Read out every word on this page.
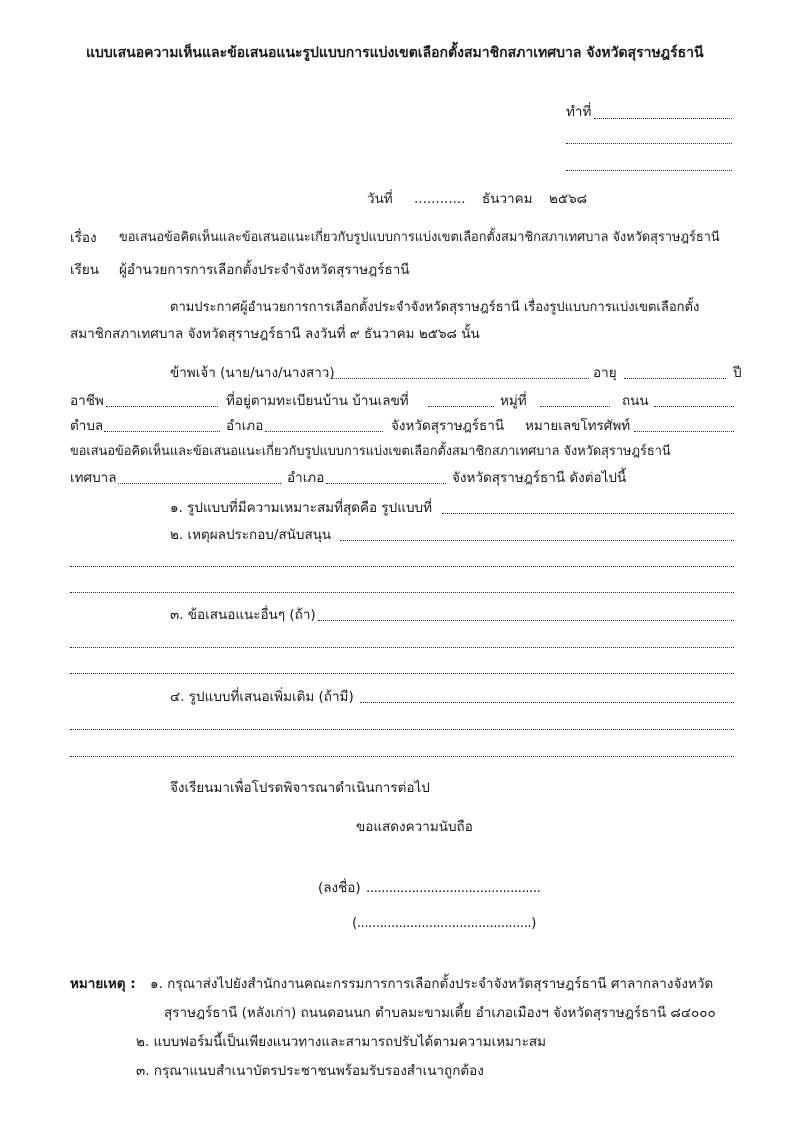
แบบเสนอความเห็นและข้อเสนอแนะรูปแบบการแบ่งเขตเลือกตั้งสมาชิกสภาเทศบาล จังหวัดสุราษฎร์ธานี
ทำที่
วันที่ ............ ธันวาคม ๒๕๖๘
เรื่อง ขอเสนอข้อคิดเห็นและข้อเสนอแนะเกี่ยวกับรูปแบบการแบ่งเขตเลือกตั้งสมาชิกสภาเทศบาล จังหวัดสุราษฎร์ธานี
เรียน ผู้อำนวยการการเลือกตั้งประจำจังหวัดสุราษฎร์ธานี
ตามประกาศผู้อำนวยการการเลือกตั้งประจำจังหวัดสุราษฎร์ธานี เรื่องรูปแบบการแบ่งเขตเลือกตั้ง
สมาชิกสภาเทศบาล จังหวัดสุราษฎร์ธานี ลงวันที่ ๙ ธันวาคม ๒๕๖๘ นั้น
ข้าพเจ้า (นาย/นาง/นางสาว)	อายุ	ปี
อาชีพ	ที่อยู่ตามทะเบียนบ้าน บ้านเลขที่	หมู่ที่	ถนน
ตำบล	อำเภอ	จังหวัดสุราษฎร์ธานี หมายเลขโทรศัพท์
ขอเสนอข้อคิดเห็นและข้อเสนอแนะเกี่ยวกับรูปแบบการแบ่งเขตเลือกตั้งสมาชิกสภาเทศบาล จังหวัดสุราษฎร์ธานี
เทศบาล	อำเภอ	จังหวัดสุราษฎร์ธานี ดังต่อไปนี้
๑. รูปแบบที่มีความเหมาะสมที่สุดคือ รูปแบบที่
๒. เหตุผลประกอบ/สนับสนุน
๓. ข้อเสนอแนะอื่นๆ (ถ้า)
๔. รูปแบบที่เสนอเพิ่มเติม (ถ้ามี)
จึงเรียนมาเพื่อโปรดพิจารณาดำเนินการต่อไป
ขอแสดงความนับถือ
(ลงชื่อ) ..............................................
(..............................................)
หมายเหตุ : ๑. กรุณาส่งไปยังสำนักงานคณะกรรมการการเลือกตั้งประจำจังหวัดสุราษฎร์ธานี ศาลากลางจังหวัด
สุราษฎร์ธานี (หลังเก่า) ถนนดอนนก ตำบลมะขามเตี้ย อำเภอเมืองฯ จังหวัดสุราษฎร์ธานี ๘๔๐๐๐
๒. แบบฟอร์มนี้เป็นเพียงแนวทางและสามารถปรับได้ตามความเหมาะสม
๓. กรุณาแนบสำเนาบัตรประชาชนพร้อมรับรองสำเนาถูกต้อง
